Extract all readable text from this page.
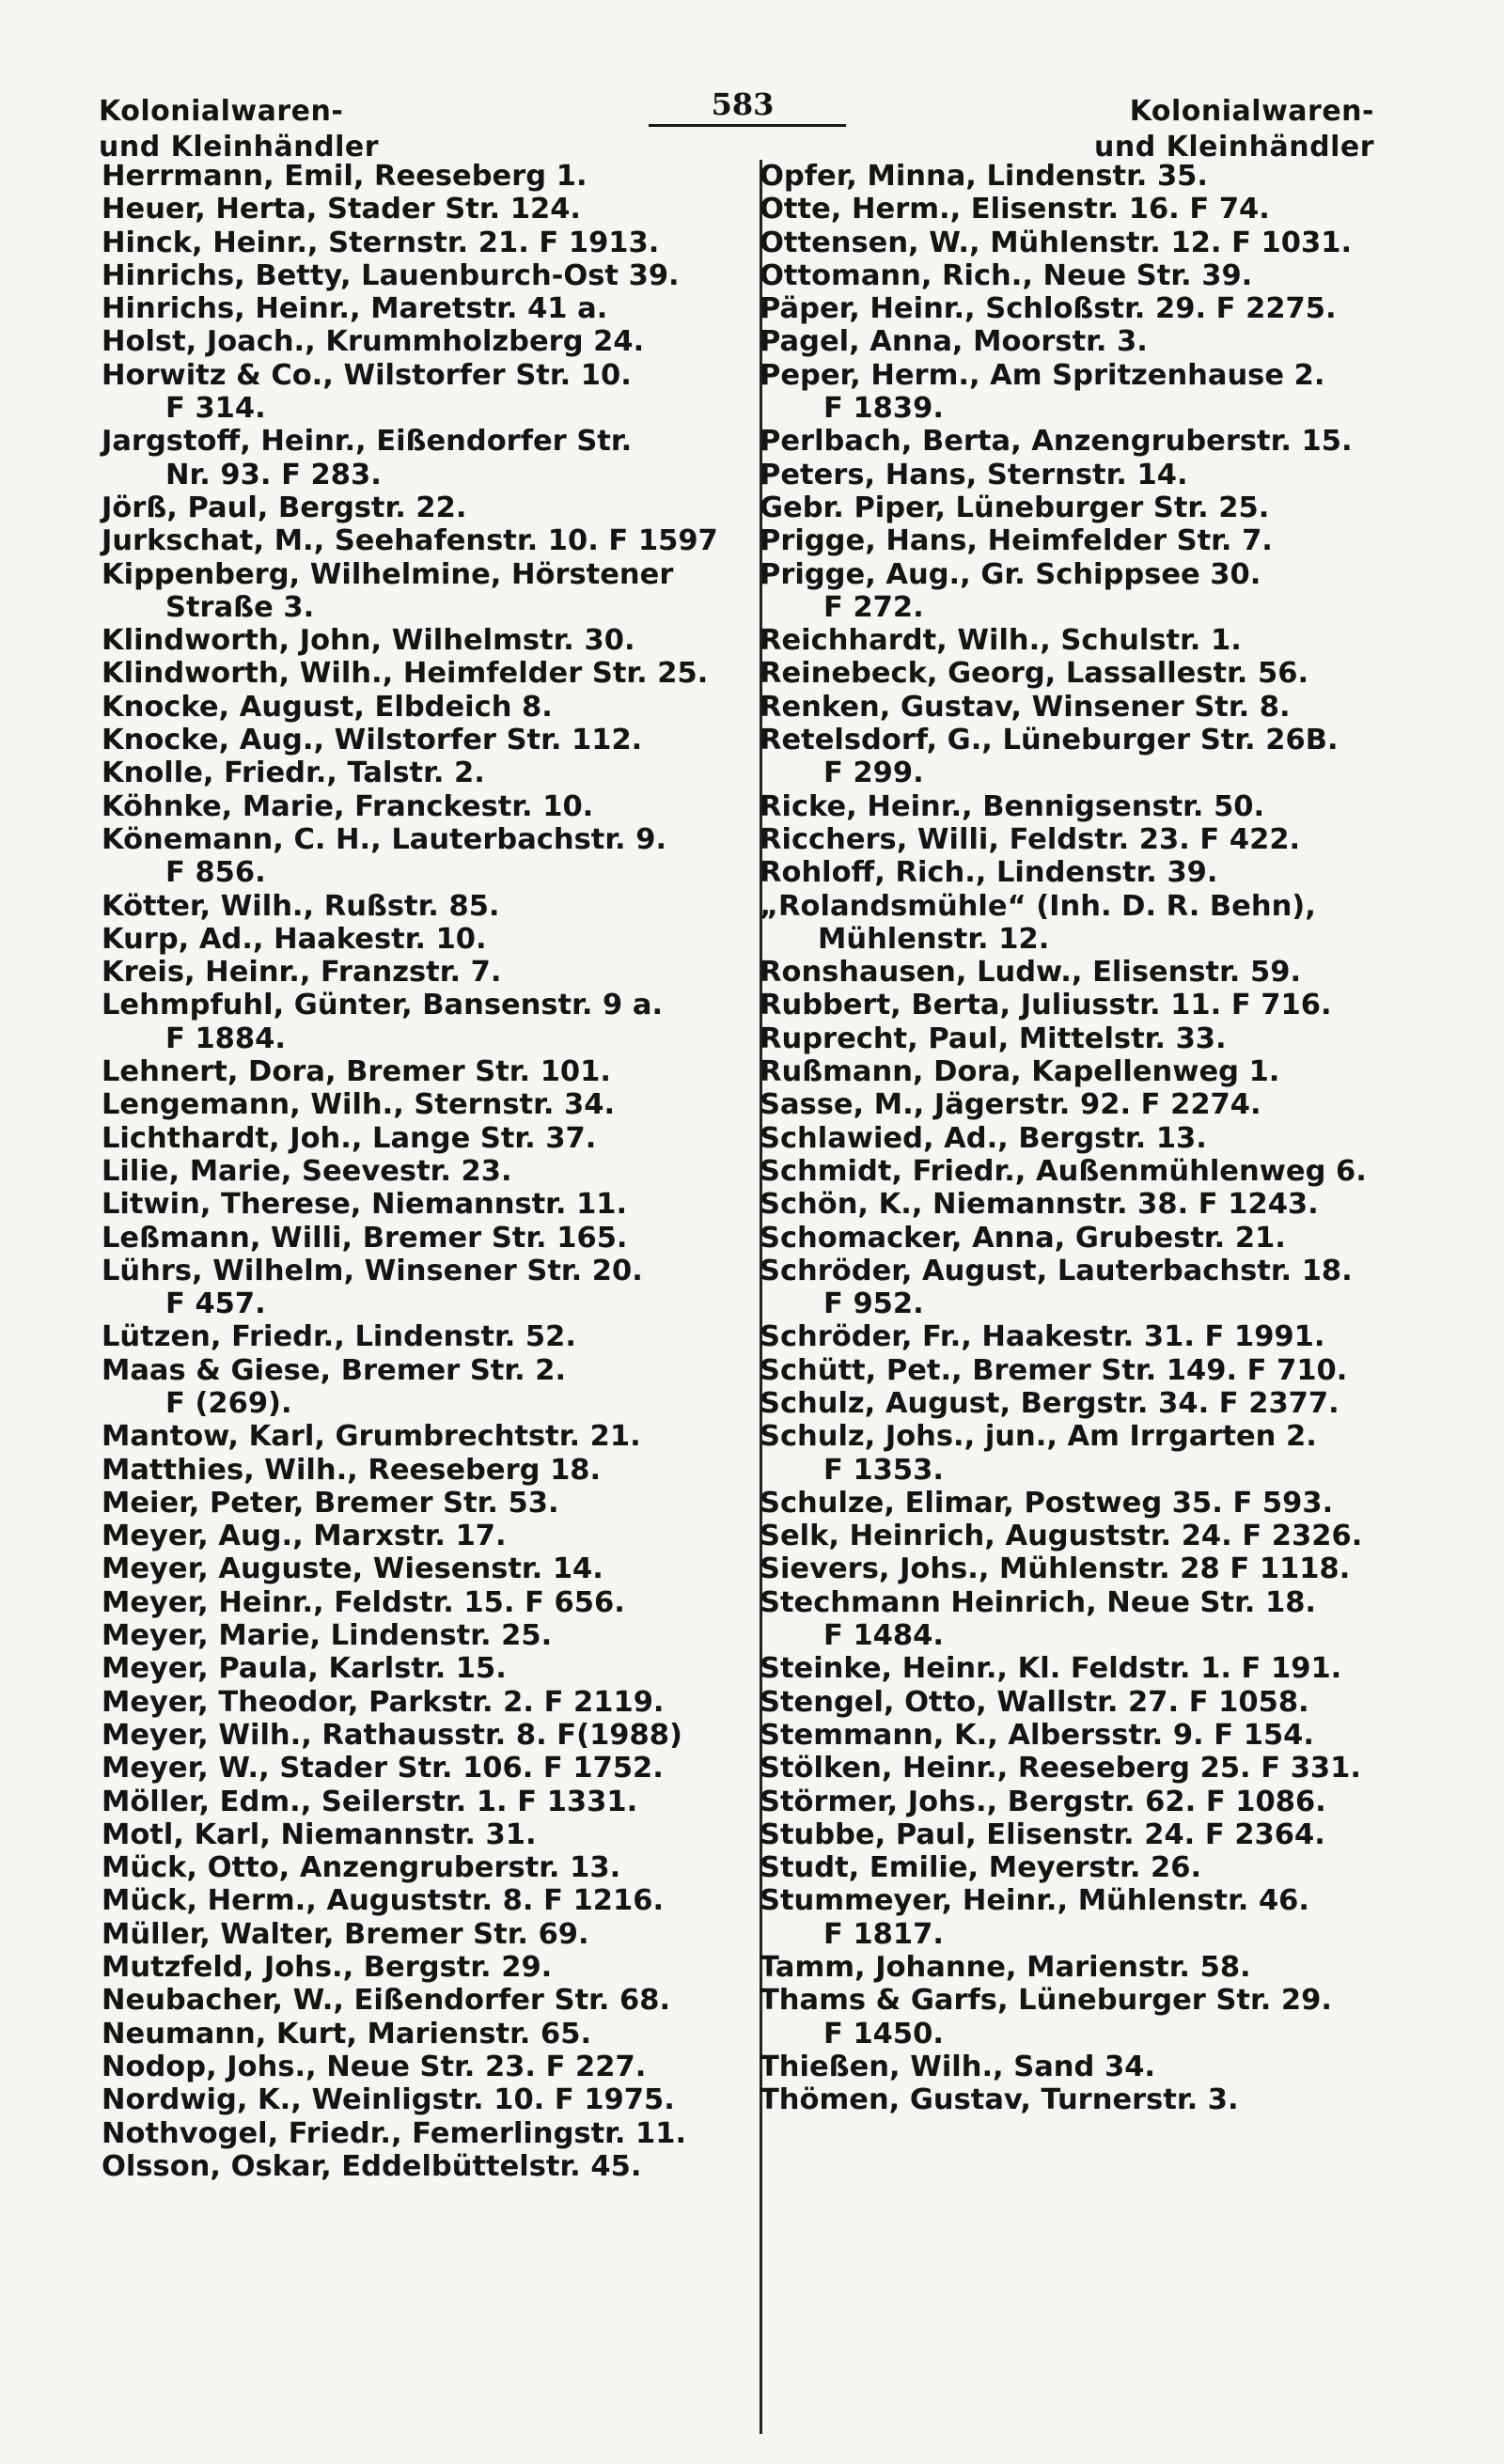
Kolonialwaren-
und Kleinhändler
583	Kolonialwaren-
und Kleinhändler
Herrmann, Emil, Reeseberg 1.
Heuer, Herta, Stader Str. 124.
Hinck, Heinr., Sternstr. 21. F 1913.
Hinrichs, Betty, Lauenburch-Ost 39.
Hinrichs, Heinr., Maretstr. 41 a.
Holst, Joach., Krummholzberg 24.
Horwitz & Co., Wilstorfer Str. 10.
F 314.
Jargstoff, Heinr., Eißendorfer Str.
Nr. 93. F 283.
Jörß, Paul, Bergstr. 22.
Jurkschat, M., Seehafenstr. 10. F 1597
Kippenberg, Wilhelmine, Hörstener
Straße 3.
Klindworth, John, Wilhelmstr. 30.
Klindworth, Wilh., Heimfelder Str. 25.
Knocke, August, Elbdeich 8.
Knocke, Aug., Wilstorfer Str. 112.
Knolle, Friedr., Talstr. 2.
Köhnke, Marie, Franckestr. 10.
Könemann, C. H., Lauterbachstr. 9.
F 856.
Kötter, Wilh., Rußstr. 85.
Kurp, Ad., Haakestr. 10.
Kreis, Heinr., Franzstr. 7.
Lehmpfuhl, Günter, Bansenstr. 9 a.
F 1884.
Lehnert, Dora, Bremer Str. 101.
Lengemann, Wilh., Sternstr. 34.
Lichthardt, Joh., Lange Str. 37.
Lilie, Marie, Seevestr. 23.
Litwin, Therese, Niemannstr. 11.
Leßmann, Willi, Bremer Str. 165.
Lührs, Wilhelm, Winsener Str. 20.
F 457.
Lützen, Friedr., Lindenstr. 52.
Maas & Giese, Bremer Str. 2.
F (269).
Mantow, Karl, Grumbrechtstr. 21.
Matthies, Wilh., Reeseberg 18.
Meier, Peter, Bremer Str. 53.
Meyer, Aug., Marxstr. 17.
Meyer, Auguste, Wiesenstr. 14.
Meyer, Heinr., Feldstr. 15. F 656.
Meyer, Marie, Lindenstr. 25.
Meyer, Paula, Karlstr. 15.
Meyer, Theodor, Parkstr. 2. F 2119.
Meyer, Wilh., Rathausstr. 8. F(1988)
Meyer, W., Stader Str. 106. F 1752.
Möller, Edm., Seilerstr. 1. F 1331.
Motl, Karl, Niemannstr. 31.
Mück, Otto, Anzengruberstr. 13.
Mück, Herm., Auguststr. 8. F 1216.
Müller, Walter, Bremer Str. 69.
Mutzfeld, Johs., Bergstr. 29.
Neubacher, W., Eißendorfer Str. 68.
Neumann, Kurt, Marienstr. 65.
Nodop, Johs., Neue Str. 23. F 227.
Nordwig, K., Weinligstr. 10. F 1975.
Nothvogel, Friedr., Femerlingstr. 11.
Olsson, Oskar, Eddelbüttelstr. 45.
Opfer, Minna, Lindenstr. 35.
Otte, Herm., Elisenstr. 16. F 74.
Ottensen, W., Mühlenstr. 12. F 1031.
Ottomann, Rich., Neue Str. 39.
Päper, Heinr., Schloßstr. 29. F 2275.
Pagel, Anna, Moorstr. 3.
Peper, Herm., Am Spritzenhause 2.
F 1839.
Perlbach, Berta, Anzengruberstr. 15.
Peters, Hans, Sternstr. 14.
Gebr. Piper, Lüneburger Str. 25.
Prigge, Hans, Heimfelder Str. 7.
Prigge, Aug., Gr. Schippsee 30.
F 272.
Reichhardt, Wilh., Schulstr. 1.
Reinebeck, Georg, Lassallestr. 56.
Renken, Gustav, Winsener Str. 8.
Retelsdorf, G., Lüneburger Str. 26B.
F 299.
Ricke, Heinr., Bennigsenstr. 50.
Ricchers, Willi, Feldstr. 23. F 422.
Rohloff, Rich., Lindenstr. 39.
„Rolandsmühle“ (Inh. D. R. Behn),
Mühlenstr. 12.
Ronshausen, Ludw., Elisenstr. 59.
Rubbert, Berta, Juliusstr. 11. F 716.
Ruprecht, Paul, Mittelstr. 33.
Rußmann, Dora, Kapellenweg 1.
Sasse, M., Jägerstr. 92. F 2274.
Schlawied, Ad., Bergstr. 13.
Schmidt, Friedr., Außenmühlenweg 6.
Schön, K., Niemannstr. 38. F 1243.
Schomacker, Anna, Grubestr. 21.
Schröder, August, Lauterbachstr. 18.
F 952.
Schröder, Fr., Haakestr. 31. F 1991.
Schütt, Pet., Bremer Str. 149. F 710.
Schulz, August, Bergstr. 34. F 2377.
Schulz, Johs., jun., Am Irrgarten 2.
F 1353.
Schulze, Elimar, Postweg 35. F 593.
Selk, Heinrich, Auguststr. 24. F 2326.
Sievers, Johs., Mühlenstr. 28 F 1118.
Stechmann Heinrich, Neue Str. 18.
F 1484.
Steinke, Heinr., Kl. Feldstr. 1. F 191.
Stengel, Otto, Wallstr. 27. F 1058.
Stemmann, K., Albersstr. 9. F 154.
Stölken, Heinr., Reeseberg 25. F 331.
Störmer, Johs., Bergstr. 62. F 1086.
Stubbe, Paul, Elisenstr. 24. F 2364.
Studt, Emilie, Meyerstr. 26.
Stummeyer, Heinr., Mühlenstr. 46.
F 1817.
Tamm, Johanne, Marienstr. 58.
Thams & Garfs, Lüneburger Str. 29.
F 1450.
Thießen, Wilh., Sand 34.
Thömen, Gustav, Turnerstr. 3.
